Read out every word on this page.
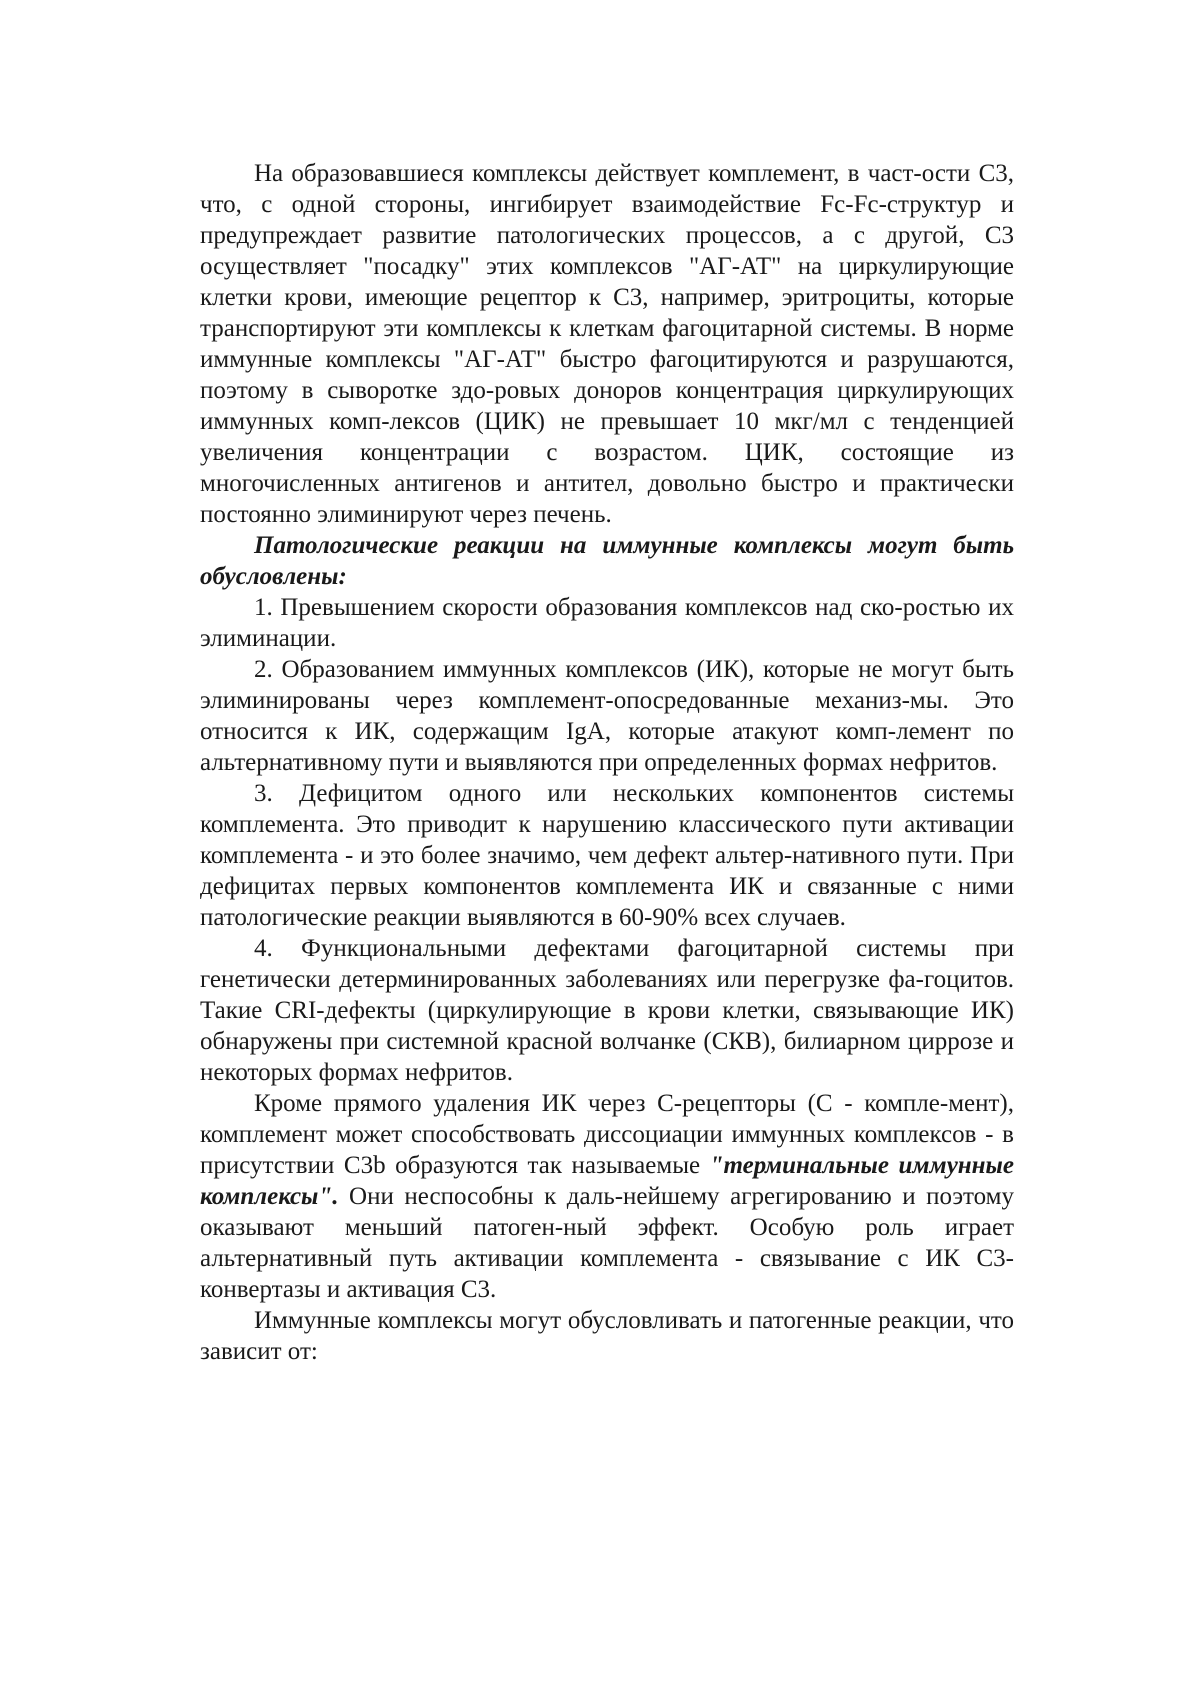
На образовавшиеся комплексы действует комплемент, в част-ости С3, что, с одной стороны, ингибирует взаимодействие Fc-Fc-структур и предупреждает развитие патологических процессов, а с другой, С3 осуществляет "посадку" этих комплексов "АГ-АТ" на циркулирующие клетки крови, имеющие рецептор к С3, например, эритроциты, которые транспортируют эти комплексы к клеткам фагоцитарной системы. В норме иммунные комплексы "АГ-АТ" быстро фагоцитируются и разрушаются, поэтому в сыворотке здо-ровых доноров концентрация циркулирующих иммунных комп-лексов (ЦИК) не превышает 10 мкг/мл с тенденцией увеличения концентрации с возрастом. ЦИК, состоящие из многочисленных антигенов и антител, довольно быстро и практически постоянно элиминируют через печень.

Патологические реакции на иммунные комплексы могут быть обусловлены:

1. Превышением скорости образования комплексов над ско-ростью их элиминации.

2. Образованием иммунных комплексов (ИК), которые не могут быть элиминированы через комплемент-опосредованные механиз-мы. Это относится к ИК, содержащим IgA, которые атакуют комп-лемент по альтернативному пути и выявляются при определенных формах нефритов.

3. Дефицитом одного или нескольких компонентов системы комплемента. Это приводит к нарушению классического пути активации комплемента - и это более значимо, чем дефект альтер-нативного пути. При дефицитах первых компонентов комплемента ИК и связанные с ними патологические реакции выявляются в 60-90% всех случаев.

4. Функциональными дефектами фагоцитарной системы при генетически детерминированных заболеваниях или перегрузке фа-гоцитов. Такие CRI-дефекты (циркулирующие в крови клетки, связывающие ИК) обнаружены при системной красной волчанке (СКВ), билиарном циррозе и некоторых формах нефритов.

Кроме прямого удаления ИК через С-рецепторы (С - компле-мент), комплемент может способствовать диссоциации иммунных комплексов - в присутствии С3b образуются так называемые "терминальные иммунные комплексы". Они неспособны к даль-нейшему агрегированию и поэтому оказывают меньший патоген-ный эффект. Особую роль играет альтернативный путь активации комплемента - связывание с ИК С3-конвертазы и активация С3.

Иммунные комплексы могут обусловливать и патогенные реакции, что зависит от:
